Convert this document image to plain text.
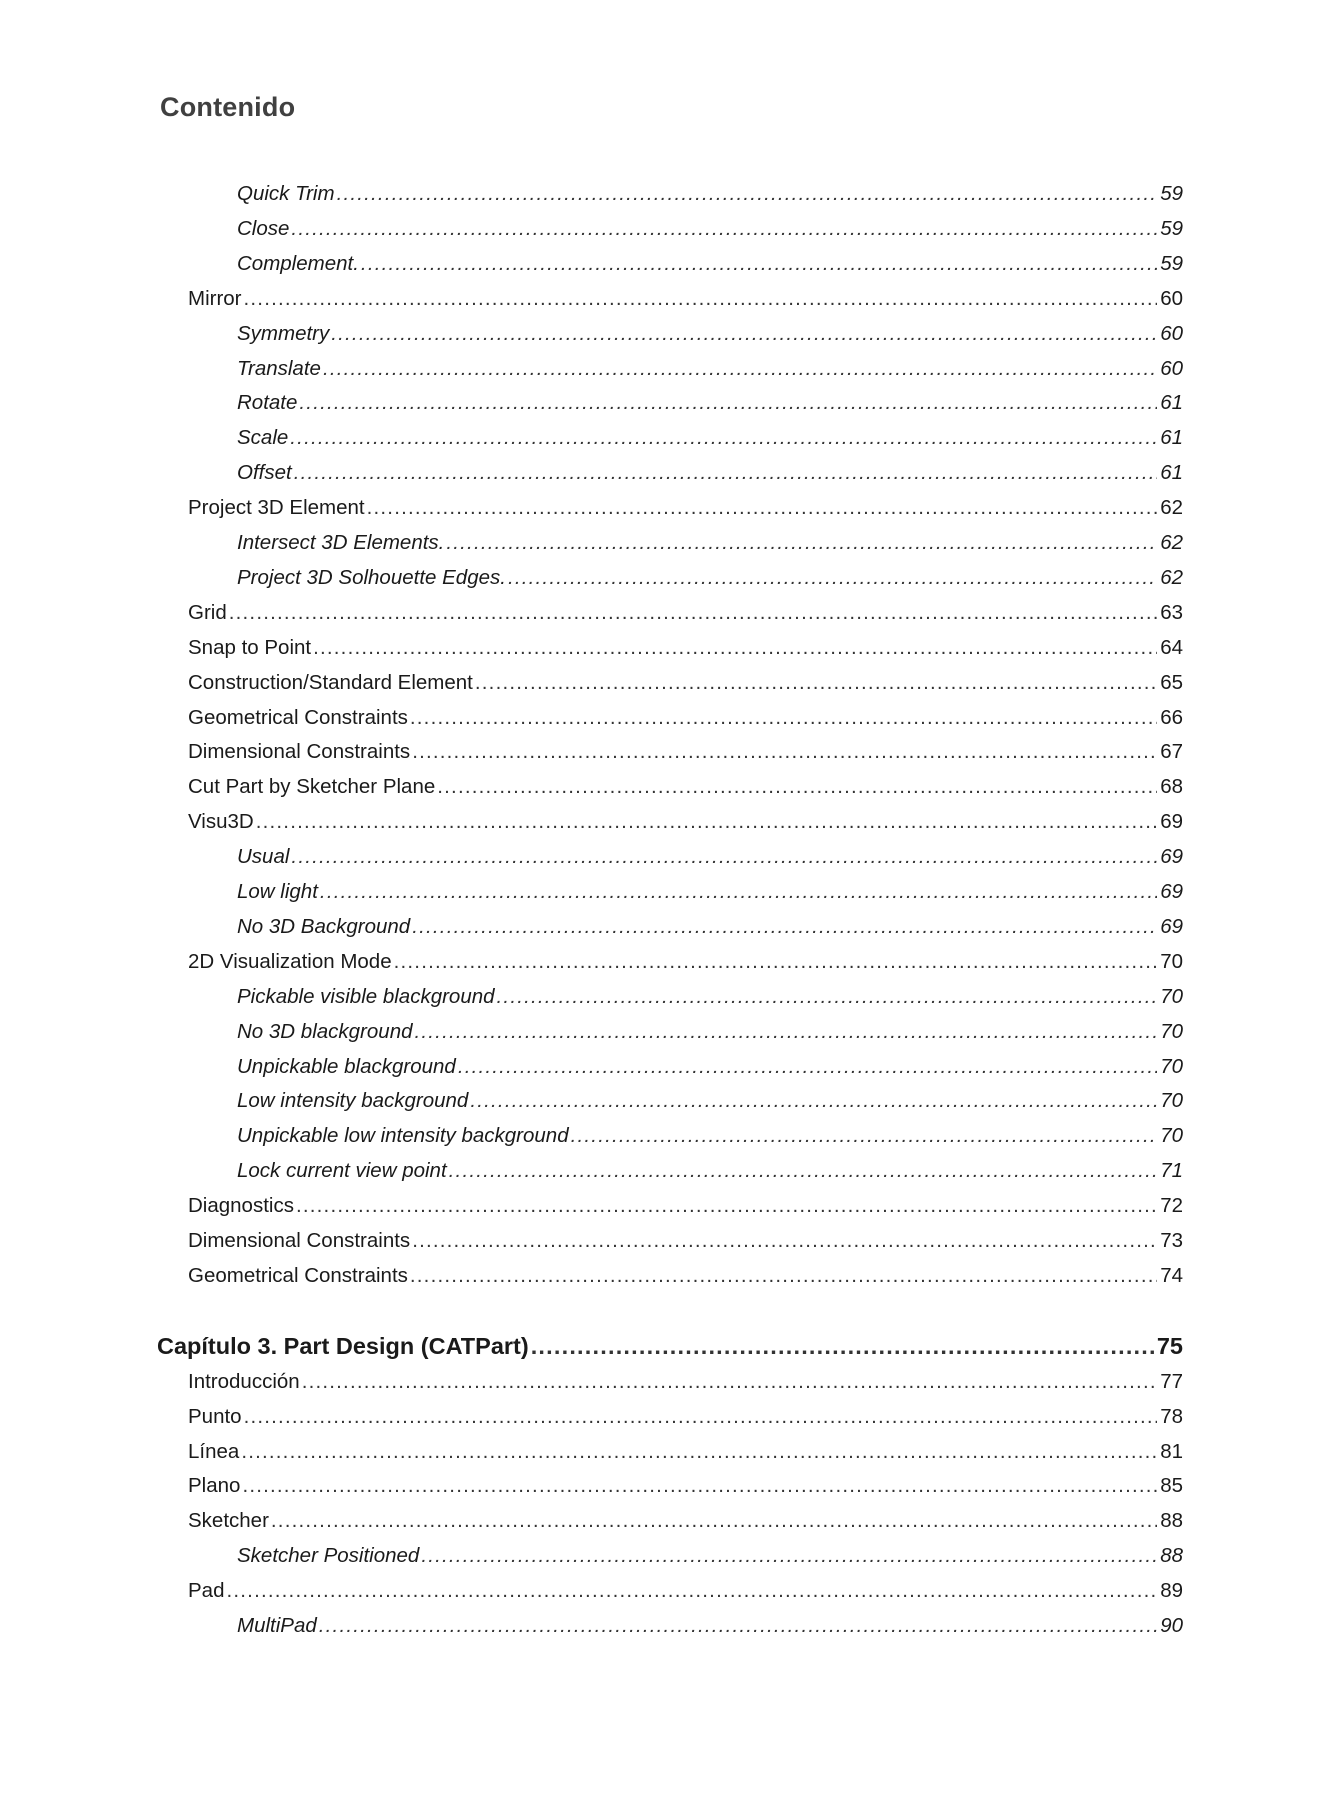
Contenido
Quick Trim .....	59
Close .....	59
Complement. .....	59
Mirror .....	60
Symmetry .....	60
Translate .....	60
Rotate .....	61
Scale .....	61
Offset .....	61
Project 3D Element .....	62
Intersect 3D Elements. .....	62
Project 3D Solhouette Edges. .....	62
Grid .....	63
Snap to Point .....	64
Construction/Standard Element .....	65
Geometrical Constraints .....	66
Dimensional Constraints .....	67
Cut Part by Sketcher Plane .....	68
Visu3D .....	69
Usual .....	69
Low light .....	69
No 3D Background .....	69
2D Visualization Mode .....	70
Pickable visible blackground .....	70
No 3D blackground .....	70
Unpickable blackground .....	70
Low intensity background .....	70
Unpickable low intensity background .....	70
Lock current view point .....	71
Diagnostics .....	72
Dimensional Constraints .....	73
Geometrical Constraints .....	74
Capítulo 3. Part Design (CATPart) .....	75
Introducción .....	77
Punto .....	78
Línea .....	81
Plano .....	85
Sketcher .....	88
Sketcher Positioned .....	88
Pad .....	89
MultiPad .....	90
